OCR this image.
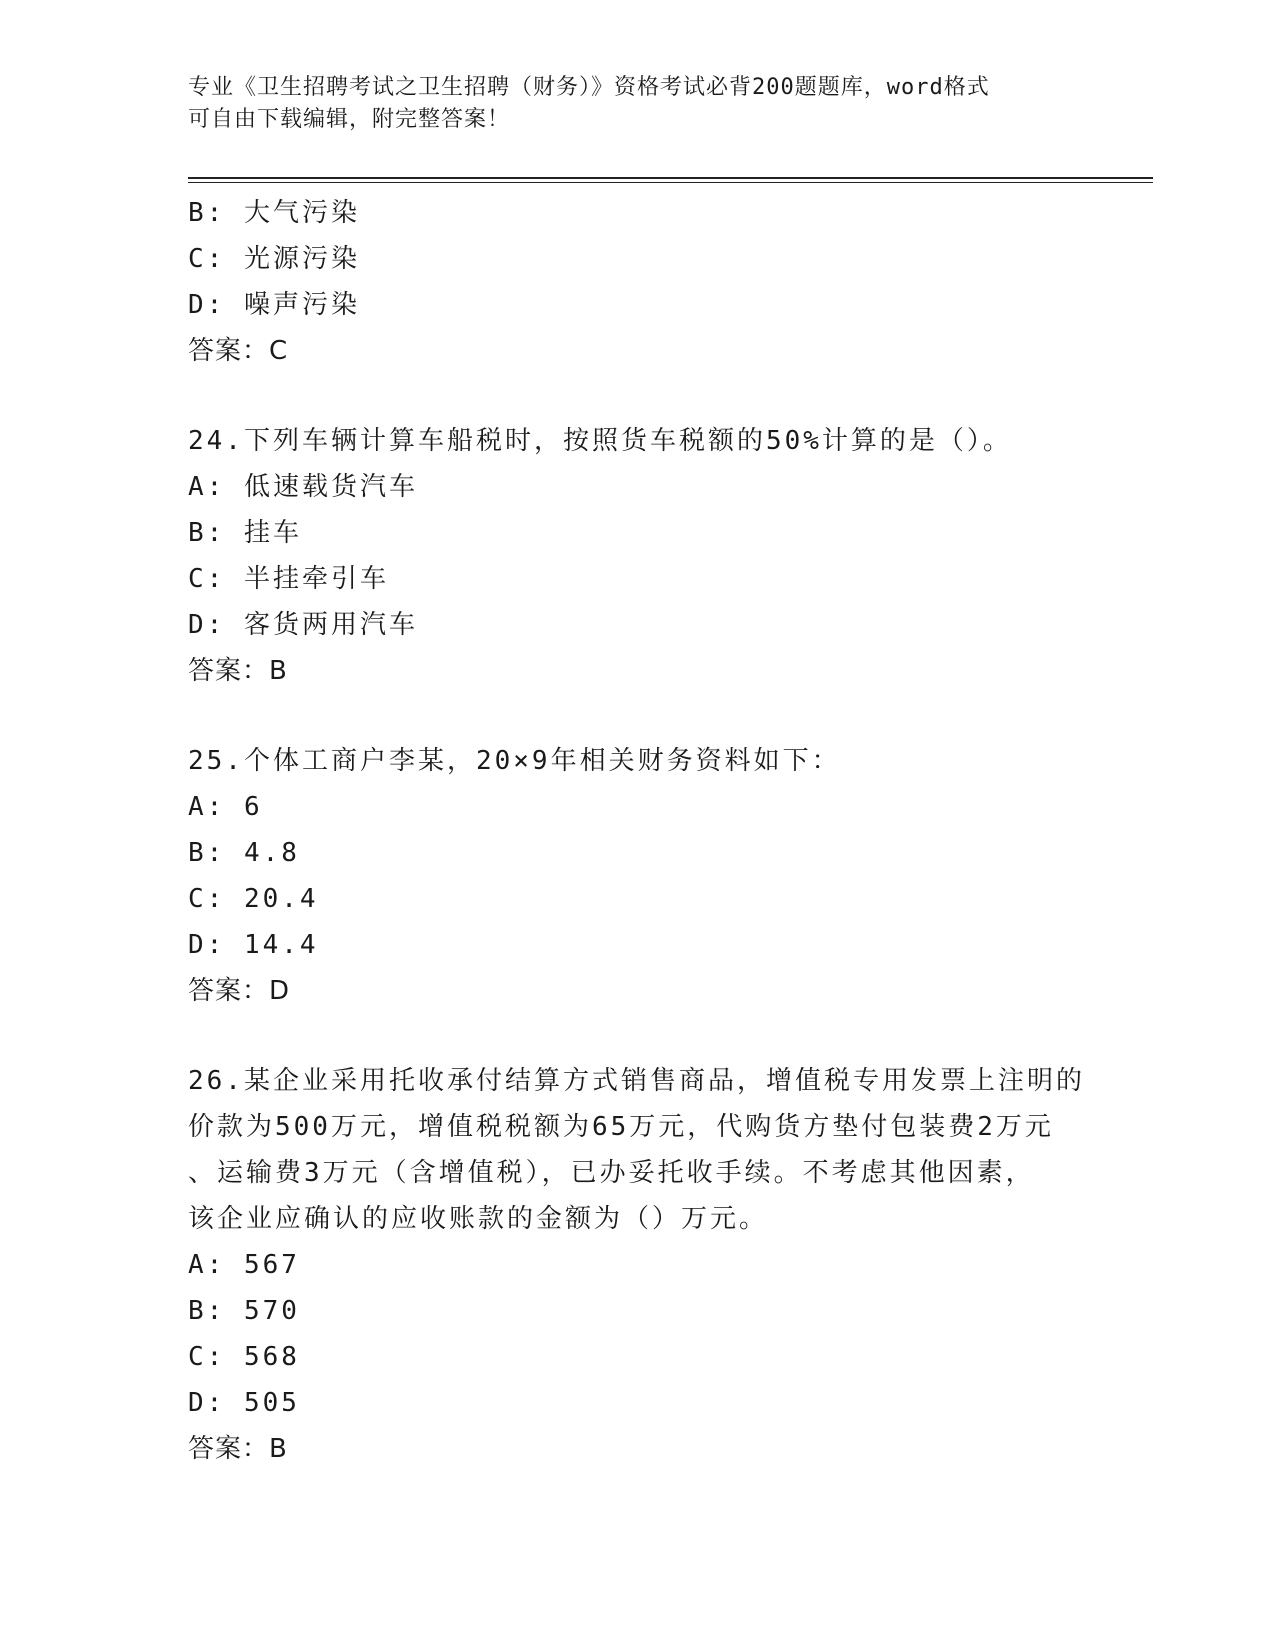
专业《卫生招聘考试之卫生招聘（财务）》资格考试必背200题题库，word格式

可自由下载编辑，附完整答案！

B: 大气污染
C: 光源污染
D: 噪声污染
答案：C
24.下列车辆计算车船税时，按照货车税额的50%计算的是（）。
A: 低速载货汽车
B: 挂车
C: 半挂牵引车
D: 客货两用汽车
答案：B
25.个体工商户李某，20×9年相关财务资料如下：
A: 6
B: 4.8
C: 20.4
D: 14.4
答案：D
26.某企业采用托收承付结算方式销售商品，增值税专用发票上注明的
价款为500万元，增值税税额为65万元，代购货方垫付包装费2万元
、运输费3万元（含增值税），已办妥托收手续。不考虑其他因素，
该企业应确认的应收账款的金额为（）万元。
A: 567
B: 570
C: 568
D: 505
答案：B
